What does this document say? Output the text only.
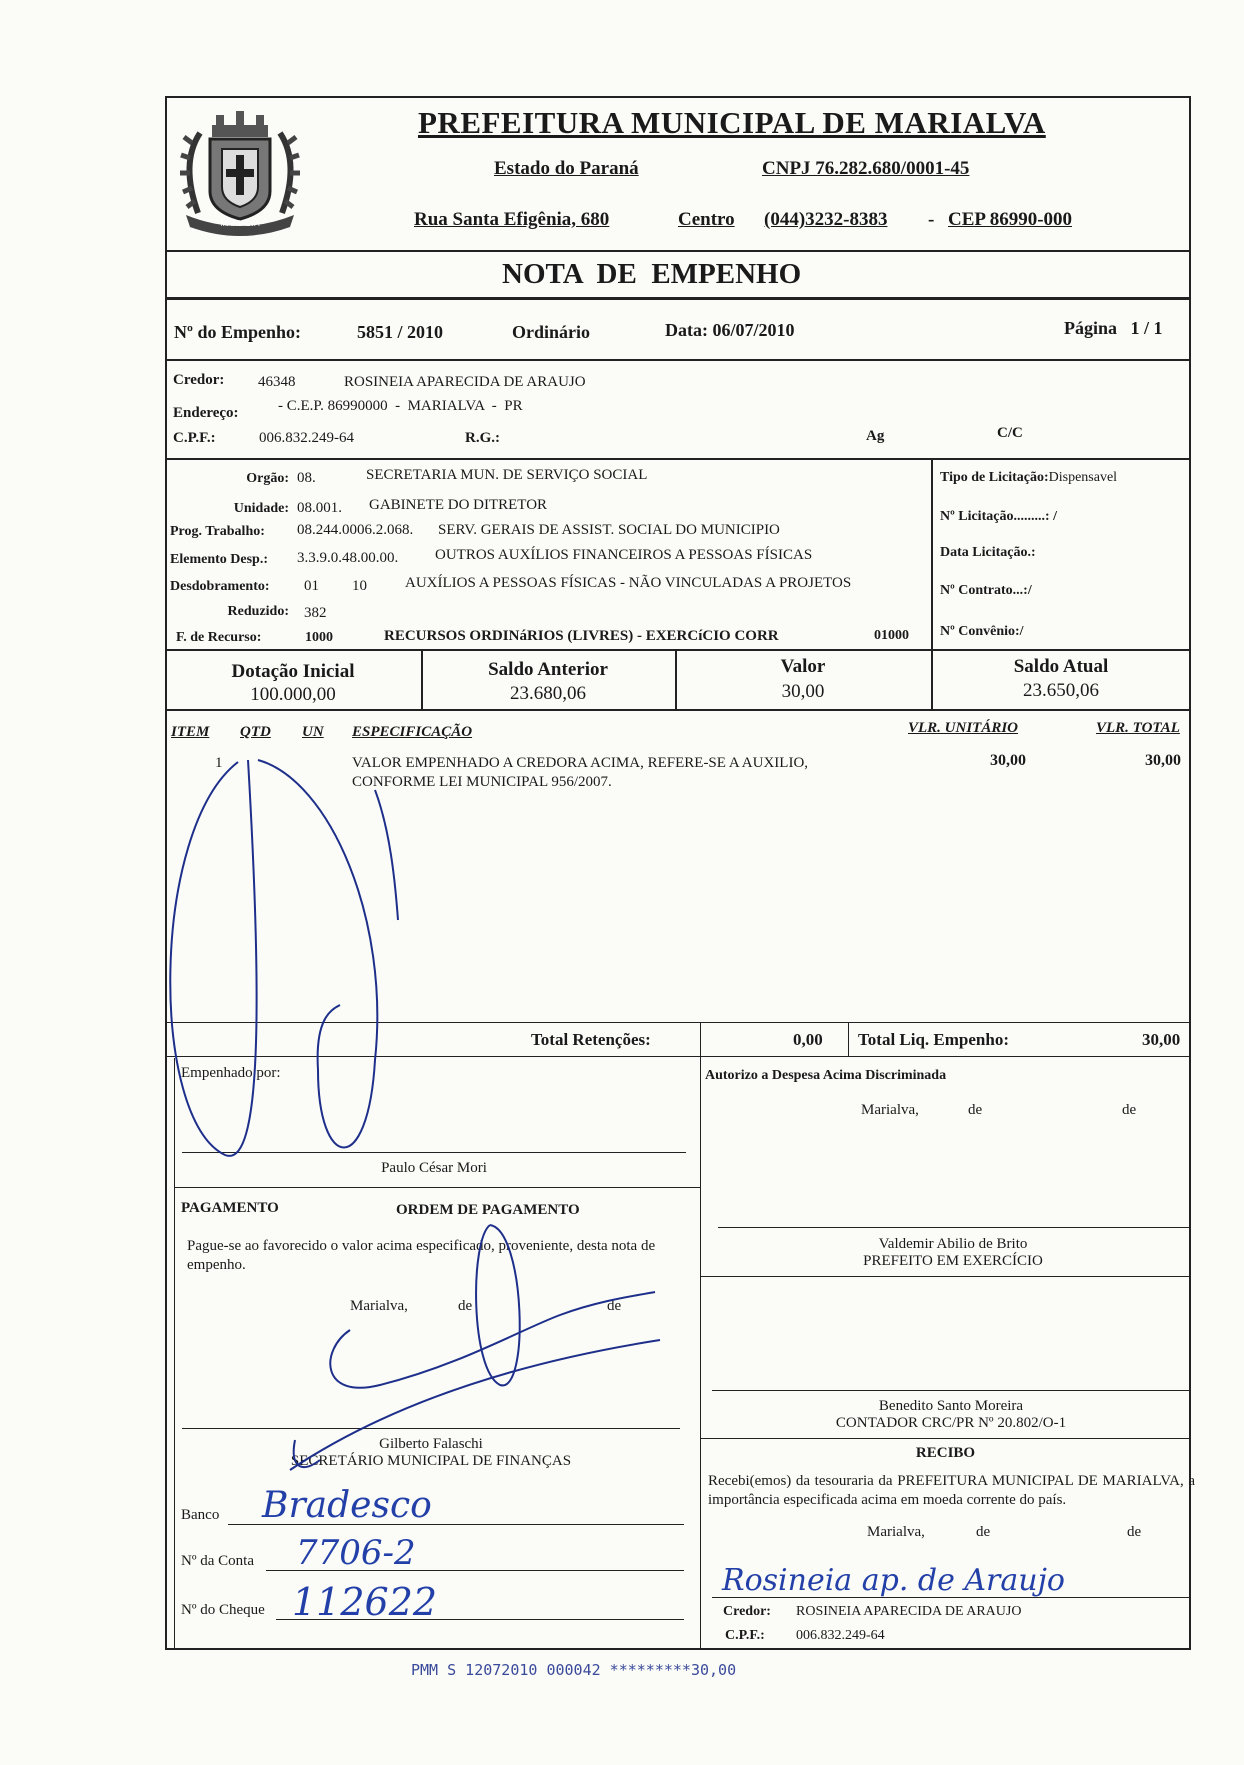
MARIALVA
PREFEITURA MUNICIPAL DE MARIALVA
Estado do Paraná	CNPJ 76.282.680/0001-45
Rua Santa Efigênia, 680	Centro (044)3232-8383 - CEP 86990-000
NOTA  DE  EMPENHO
Nº do Empenho:	5851 / 2010	Ordinário	Data: 06/07/2010	Página   1 / 1
Credor: 46348	ROSINEIA APARECIDA DE ARAUJO
Endereço:	- C.E.P. 86990000  -  MARIALVA  -  PR
C.P.F.:	006.832.249-64	R.G.:	Ag	C/C
Orgão: 08.	SECRETARIA MUN. DE SERVIÇO SOCIAL
Unidade: 08.001. GABINETE DO DITRETOR
Prog. Trabalho: 08.244.0006.2.068. SERV. GERAIS DE ASSIST. SOCIAL DO MUNICIPIO
Elemento Desp.: 3.3.9.0.48.00.00. OUTROS AUXÍLIOS FINANCEIROS A PESSOAS FÍSICAS
Desdobramento: 01 10	AUXÍLIOS A PESSOAS FÍSICAS - NÃO VINCULADAS A PROJETOS
Reduzido: 382
F. de Recurso:	1000	RECURSOS ORDINáRIOS (LIVRES) - EXERCíCIO CORR	01000
Tipo de Licitação:Dispensavel
Nº Licitação.........: /
Data Licitação.:
Nº Contrato...:/
Nº Convênio:/
Dotação Inicial
100.000,00
Saldo Anterior
23.680,06
Valor
30,00
Saldo Atual
23.650,06
ITEM QTD UN ESPECIFICAÇÃO	VLR. UNITÁRIO	VLR. TOTAL
1	VALOR EMPENHADO A CREDORA ACIMA, REFERE-SE A AUXILIO,
CONFORME LEI MUNICIPAL 956/2007.
30,00	30,00
Total Retenções:	0,00 Total Liq. Empenho:	30,00
Empenhado por:
Paulo César Mori
PAGAMENTO	ORDEM DE PAGAMENTO
Pague-se ao favorecido o valor acima especificado, proveniente, desta nota de empenho.
Marialva,	de	de
Gilberto Falaschi
SECRETÁRIO MUNICIPAL DE FINANÇAS
Banco Bradesco
Nº da Conta 7706-2
Nº do Cheque 112622
Autorizo a Despesa Acima Discriminada
Marialva,	de	de
Valdemir Abilio de Brito
PREFEITO EM EXERCÍCIO
Benedito Santo Moreira
CONTADOR CRC/PR Nº 20.802/O-1
RECIBO
Recebi(emos) da tesouraria da PREFEITURA MUNICIPAL DE MARIALVA, a importância especificada acima em moeda corrente do país.
Marialva,	de	de
Rosineia ap. de Araujo
Credor: ROSINEIA APARECIDA DE ARAUJO
C.P.F.: 006.832.249-64
PMM S 12072010 000042 *********30,00
